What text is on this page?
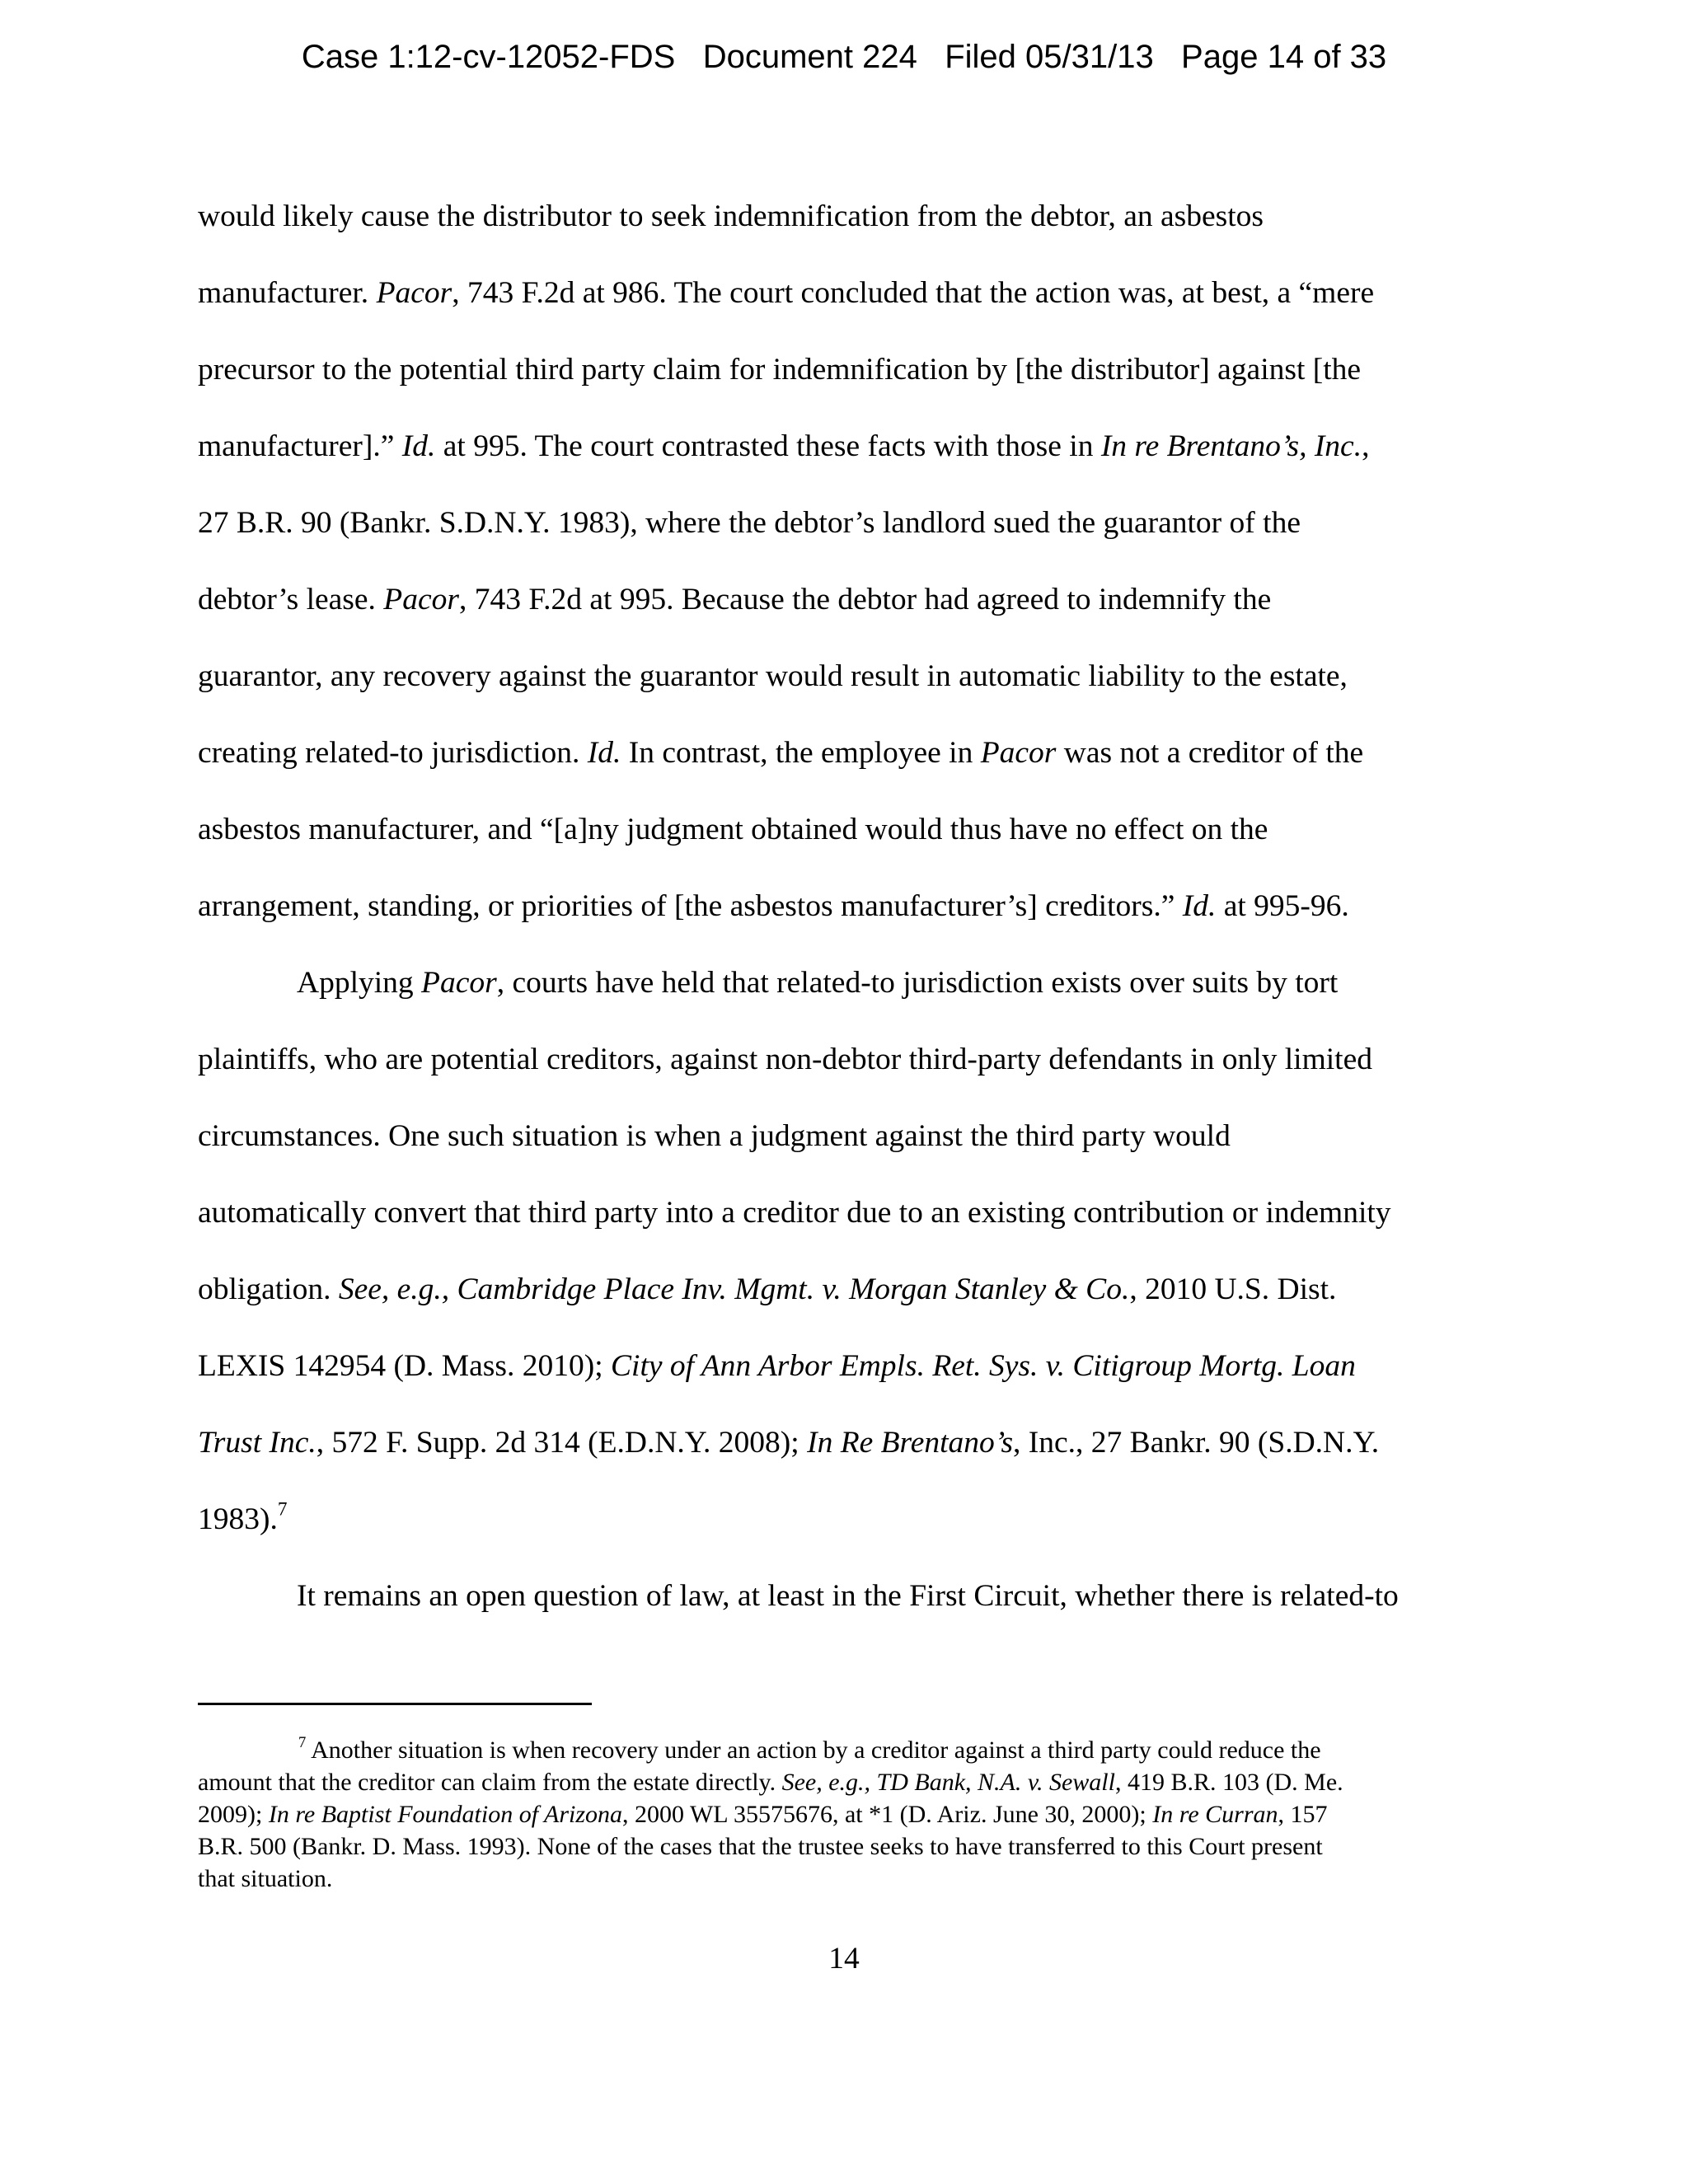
Case 1:12-cv-12052-FDS   Document 224   Filed 05/31/13   Page 14 of 33
would likely cause the distributor to seek indemnification from the debtor, an asbestos
manufacturer. Pacor, 743 F.2d at 986. The court concluded that the action was, at best, a “mere
precursor to the potential third party claim for indemnification by [the distributor] against [the
manufacturer].” Id. at 995. The court contrasted these facts with those in In re Brentano’s, Inc.,
27 B.R. 90 (Bankr. S.D.N.Y. 1983), where the debtor’s landlord sued the guarantor of the
debtor’s lease. Pacor, 743 F.2d at 995. Because the debtor had agreed to indemnify the
guarantor, any recovery against the guarantor would result in automatic liability to the estate,
creating related-to jurisdiction. Id. In contrast, the employee in Pacor was not a creditor of the
asbestos manufacturer, and “[a]ny judgment obtained would thus have no effect on the
arrangement, standing, or priorities of [the asbestos manufacturer’s] creditors.” Id. at 995-96.
Applying Pacor, courts have held that related-to jurisdiction exists over suits by tort
plaintiffs, who are potential creditors, against non-debtor third-party defendants in only limited
circumstances. One such situation is when a judgment against the third party would
automatically convert that third party into a creditor due to an existing contribution or indemnity
obligation. See, e.g., Cambridge Place Inv. Mgmt. v. Morgan Stanley & Co., 2010 U.S. Dist.
LEXIS 142954 (D. Mass. 2010); City of Ann Arbor Empls. Ret. Sys. v. Citigroup Mortg. Loan
Trust Inc., 572 F. Supp. 2d 314 (E.D.N.Y. 2008); In Re Brentano’s, Inc., 27 Bankr. 90 (S.D.N.Y.
1983).$^7$
It remains an open question of law, at least in the First Circuit, whether there is related-to
$^7$ Another situation is when recovery under an action by a creditor against a third party could reduce the
amount that the creditor can claim from the estate directly. See, e.g., TD Bank, N.A. v. Sewall, 419 B.R. 103 (D. Me.
2009); In re Baptist Foundation of Arizona, 2000 WL 35575676, at *1 (D. Ariz. June 30, 2000); In re Curran, 157
B.R. 500 (Bankr. D. Mass. 1993). None of the cases that the trustee seeks to have transferred to this Court present
that situation.
14
